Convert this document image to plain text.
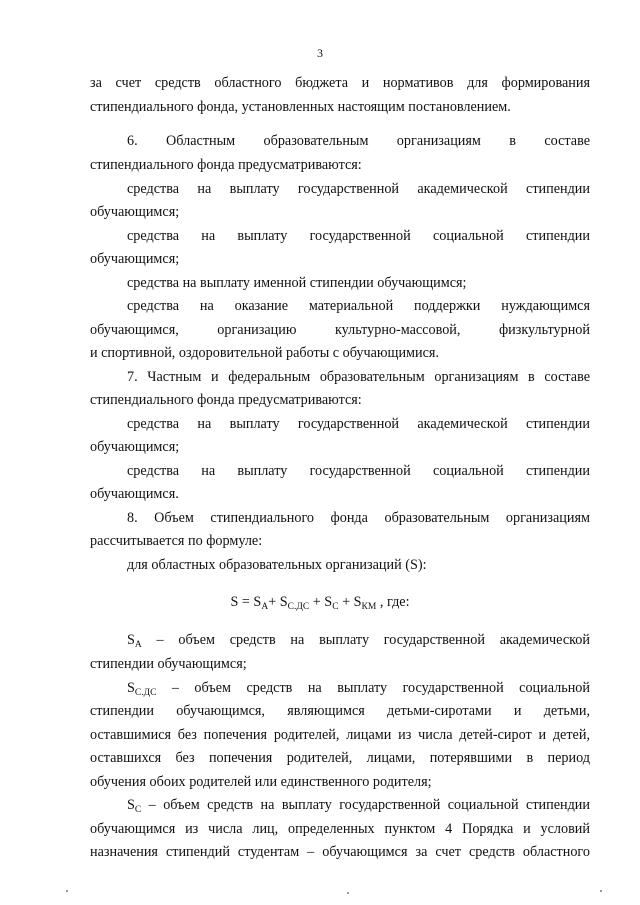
3
за счет средств областного бюджета и нормативов для формирования
стипендиального фонда, установленных настоящим постановлением.
6. Областным образовательным организациям в составе
стипендиального фонда предусматриваются:
средства на выплату государственной академической стипендии
обучающимся;
средства на выплату государственной социальной стипендии
обучающимся;
средства на выплату именной стипендии обучающимся;
средства на оказание материальной поддержки нуждающимся
обучающимся, организацию культурно-массовой, физкультурной
и спортивной, оздоровительной работы с обучающимися.
7. Частным и федеральным образовательным организациям в составе
стипендиального фонда предусматриваются:
средства на выплату государственной академической стипендии
обучающимся;
средства на выплату государственной социальной стипендии
обучающимся.
8. Объем стипендиального фонда образовательным организациям
рассчитывается по формуле:
для областных образовательных организаций (S):
$S = S_A+ S_{С.ДС} + S_С + S_{КМ}$ , где:
$S_A$ – объем средств на выплату государственной академической
стипендии обучающимся;
$S_{С.ДС}$ – объем средств на выплату государственной социальной
стипендии обучающимся, являющимся детьми-сиротами и детьми,
оставшимися без попечения родителей, лицами из числа детей-сирот и детей,
оставшихся без попечения родителей, лицами, потерявшими в период
обучения обоих родителей или единственного родителя;
$S_С$ – объем средств на выплату государственной социальной стипендии
обучающимся из числа лиц, определенных пунктом 4 Порядка и условий
назначения стипендий студентам – обучающимся за счет средств областного
